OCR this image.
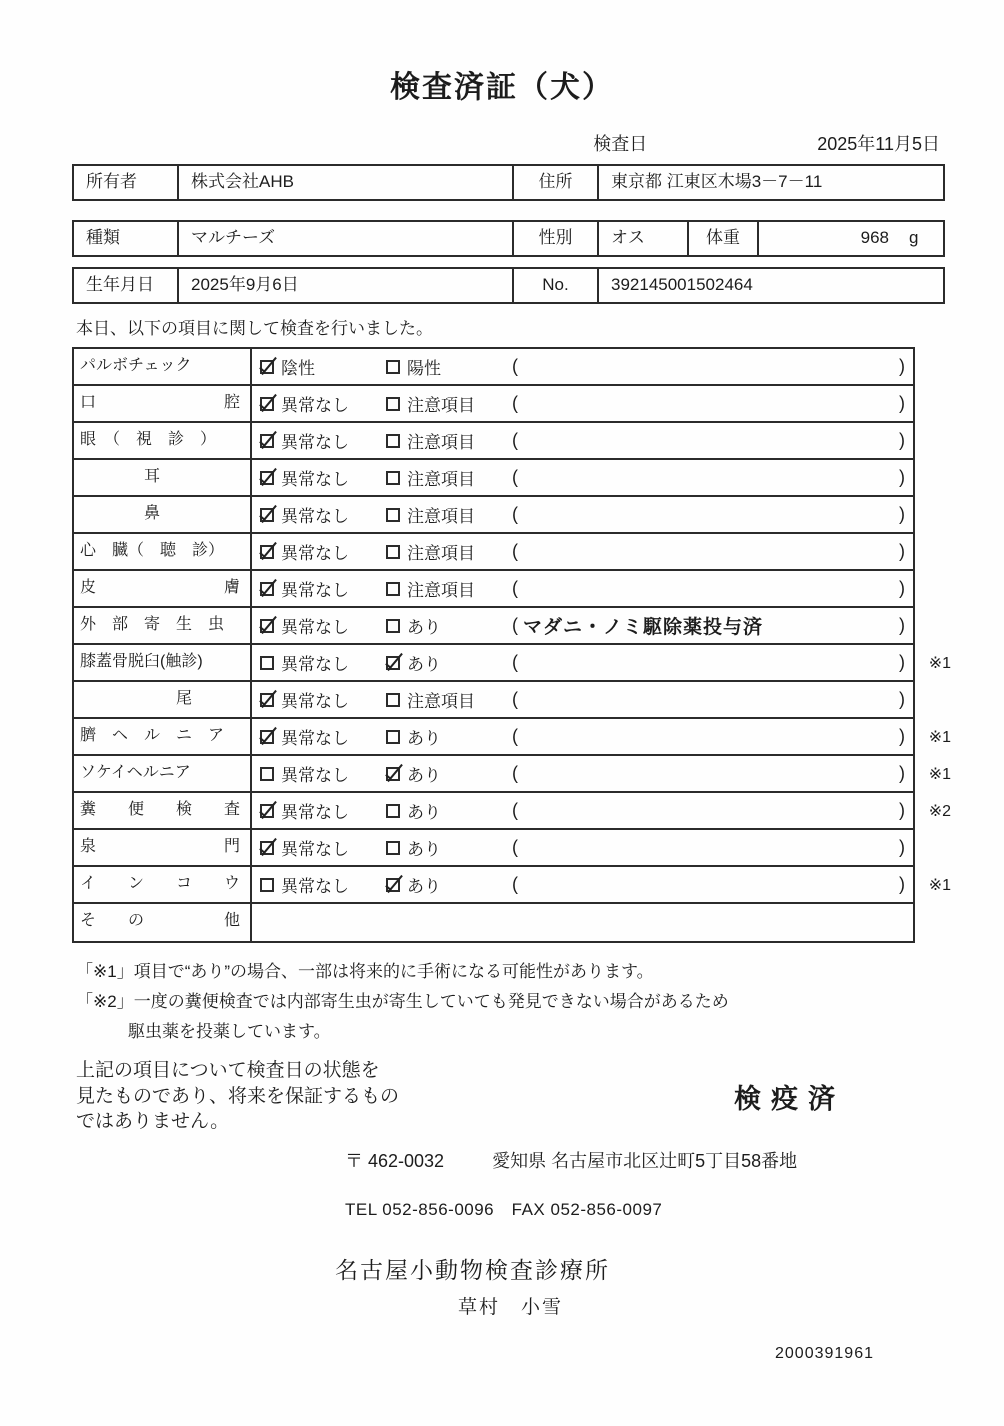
検査済証（犬）
検査日	2025年11月5日
所有者	株式会社AHB	住所	東京都 江東区木場3－7－11
種類	マルチーズ	性別	オス	体重	968	g
生年月日	2025年9月6日	No.	392145001502464

本日、以下の項目に関して検査を行いました。

パルボチェック	陰性	陽性	(	)
口　　　　　　　　腔	異常なし	注意項目 (	)
眼　（　視　診　）	異常なし	注意項目 (	)
　　　　耳	異常なし	注意項目 (	)
　　　　鼻	異常なし	注意項目 (	)
心　臓（　聴　診）	異常なし	注意項目 (	)
皮　　　　　　　　膚	異常なし	注意項目 (	)
外　部　寄　生　虫	異常なし	あり	( マダニ・ノミ駆除薬投与済	)
膝蓋骨脱臼(触診)	異常なし	あり	(	) ※1
　　　　　　尾	異常なし	注意項目 (	)
臍　ヘ　ル　ニ　ア	異常なし	あり	(	) ※1
ソケイヘルニア	異常なし	あり	(	) ※1
糞　　便　　検　　査	異常なし	あり	(	) ※2
泉　　　　　　　　門	異常なし	あり	(	)
イ　　ン　　コ　　ウ	異常なし	あり	(	) ※1
そ　　の　　　　　他

「※1」項目で“あり”の場合、一部は将来的に手術になる可能性があります。

「※2」一度の糞便検査では内部寄生虫が寄生していても発見できない場合があるため

駆虫薬を投薬しています。

上記の項目について検査日の状態を
見たものであり、将来を保証するもの
ではありません。
検疫済
〒 462-0032	愛知県 名古屋市北区辻町5丁目58番地
TEL 052-856-0096　FAX 052-856-0097
名古屋小動物検査診療所
草村　小雪
2000391961
